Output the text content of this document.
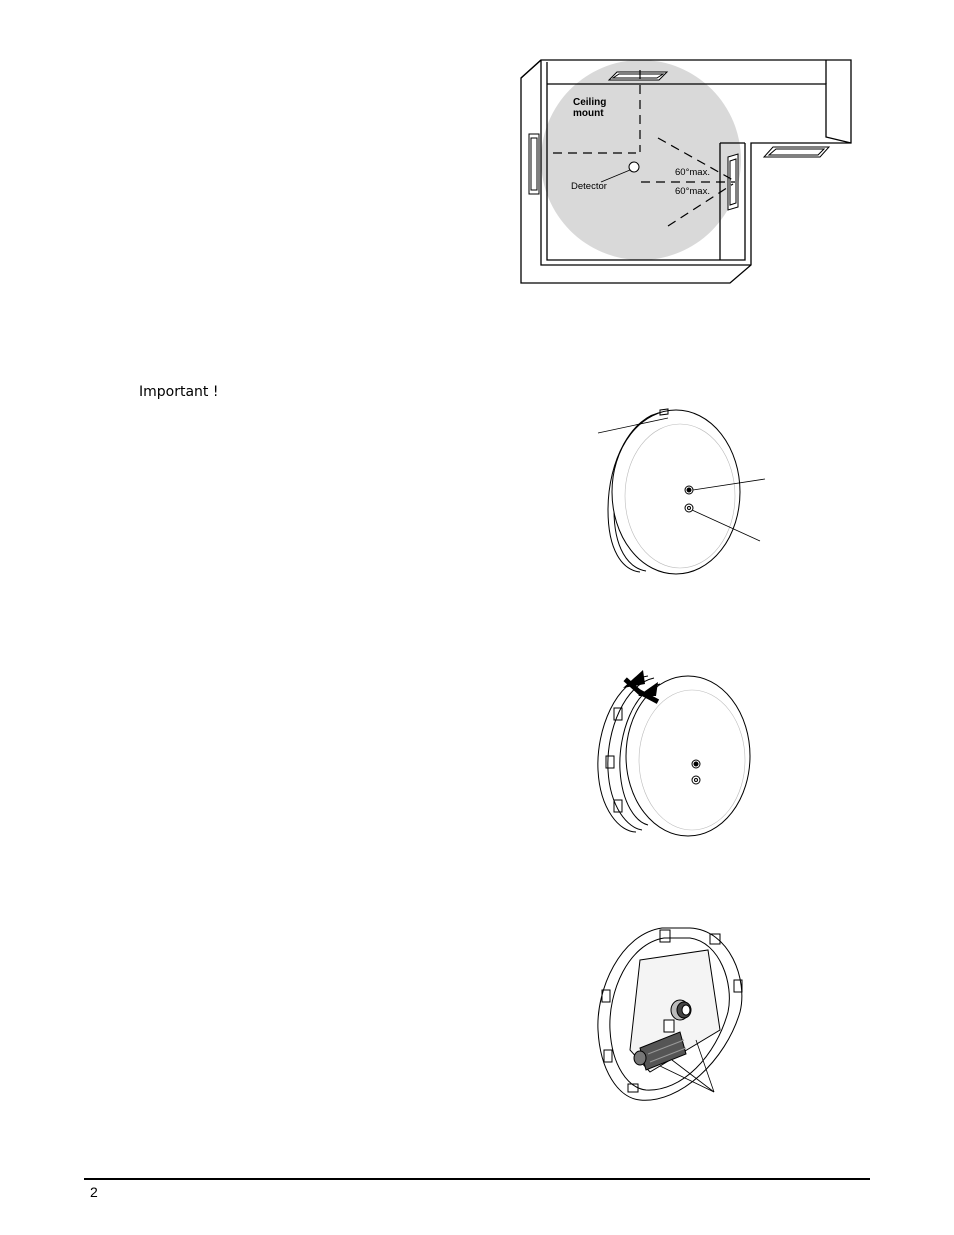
Ceiling
mount
Detector
60°max.
60°max.
Important !
2
